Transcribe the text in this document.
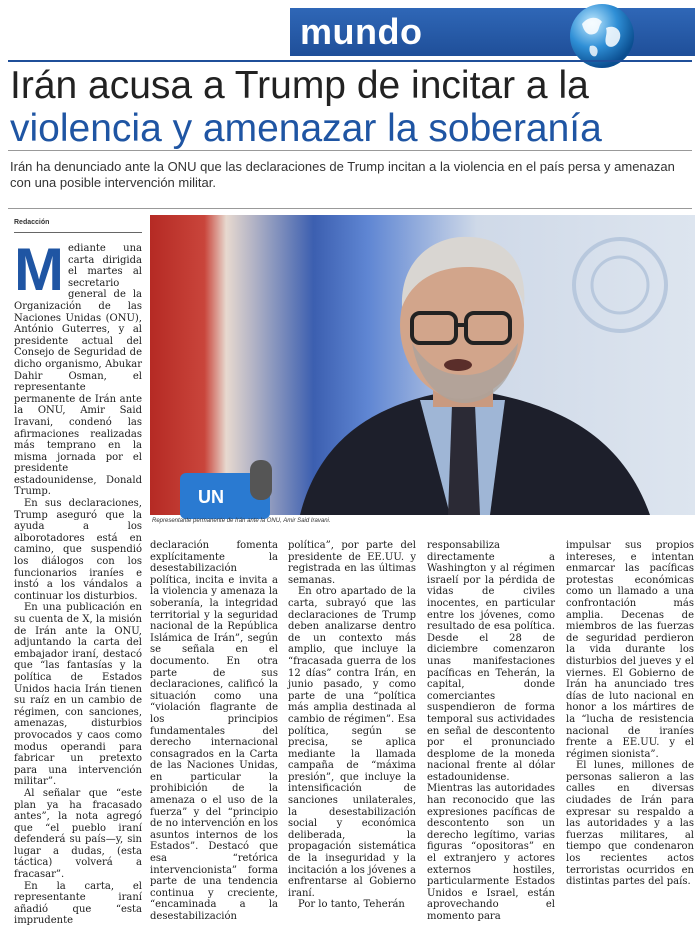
mundo
Irán acusa a Trump de incitar a la
violencia y amenazar la soberanía

Irán ha denunciado ante la ONU que las declaraciones de Trump incitan a la violencia en el país persa y amenazan con una posible intervención militar.

Redacción
UN
Representante permanente de Irán ante la ONU, Amir Said Iravani.

Mediante una carta dirigida el martes al secretario general de la Organización de las Naciones Unidas (ONU), António Guterres, y al presidente actual del Consejo de Seguridad de dicho organismo, Abukar Dahir Osman, el representante permanente de Irán ante la ONU, Amir Said Iravani, condenó las afirmaciones realizadas más temprano en la misma jornada por el presidente estadounidense, Donald Trump.

En sus declaraciones, Trump aseguró que la ayuda a los alborotadores está en camino, que suspendió los diálogos con los funcionarios iraníes e instó a los vándalos a continuar los disturbios.

En una publicación en su cuenta de X, la misión de Irán ante la ONU, adjuntando la carta del embajador iraní, destacó que “las fantasías y la política de Estados Unidos hacia Irán tienen su raíz en un cambio de régimen, con sanciones, amenazas, disturbios provocados y caos como modus operandi para fabricar un pretexto para una intervención militar”.

Al señalar que “este plan ya ha fracasado antes”, la nota agregó que “el pueblo iraní defenderá su país—y, sin lugar a dudas, (esta táctica) volverá a fracasar”.

En la carta, el representante iraní añadió que “esta imprudente

declaración fomenta explícitamente la desestabilización política, incita e invita a la violencia y amenaza la soberanía, la integridad territorial y la seguridad nacional de la República Islámica de Irán”, según se señala en el documento. En otra parte de sus declaraciones, calificó la situación como una “violación flagrante de los principios fundamentales del derecho internacional consagrados en la Carta de las Naciones Unidas, en particular la prohibición de la amenaza o el uso de la fuerza” y del “principio de no intervención en los asuntos internos de los Estados”. Destacó que esa “retórica intervencionista” forma parte de una tendencia continua y creciente, “encaminada a la desestabilización

política”, por parte del presidente de EE.UU. y registrada en las últimas semanas.

En otro apartado de la carta, subrayó que las declaraciones de Trump deben analizarse dentro de un contexto más amplio, que incluye la “fracasada guerra de los 12 días” contra Irán, en junio pasado, y como parte de una “política más amplia destinada al cambio de régimen”. Esa política, según se precisa, se aplica mediante la llamada campaña de “máxima presión”, que incluye la intensificación de sanciones unilaterales, la desestabilización social y económica deliberada, la propagación sistemática de la inseguridad y la incitación a los jóvenes a enfrentarse al Gobierno iraní.

Por lo tanto, Teherán

responsabiliza directamente a Washington y al régimen israelí por la pérdida de vidas de civiles inocentes, en particular entre los jóvenes, como resultado de esa política. Desde el 28 de diciembre comenzaron unas manifestaciones pacíficas en Teherán, la capital, donde comerciantes suspendieron de forma temporal sus actividades en señal de descontento por el pronunciado desplome de la moneda nacional frente al dólar estadounidense. Mientras las autoridades han reconocido que las expresiones pacíficas de descontento son un derecho legítimo, varias figuras “opositoras” en el extranjero y actores externos hostiles, particularmente Estados Unidos e Israel, están aprovechando el momento para

impulsar sus propios intereses, e intentan enmarcar las pacíficas protestas económicas como un llamado a una confrontación más amplia. Decenas de miembros de las fuerzas de seguridad perdieron la vida durante los disturbios del jueves y el viernes. El Gobierno de Irán ha anunciado tres días de luto nacional en honor a los mártires de la “lucha de resistencia nacional de iraníes frente a EE.UU. y el régimen sionista”.

El lunes, millones de personas salieron a las calles en diversas ciudades de Irán para expresar su respaldo a las autoridades y a las fuerzas militares, al tiempo que condenaron los recientes actos terroristas ocurridos en distintas partes del país.
